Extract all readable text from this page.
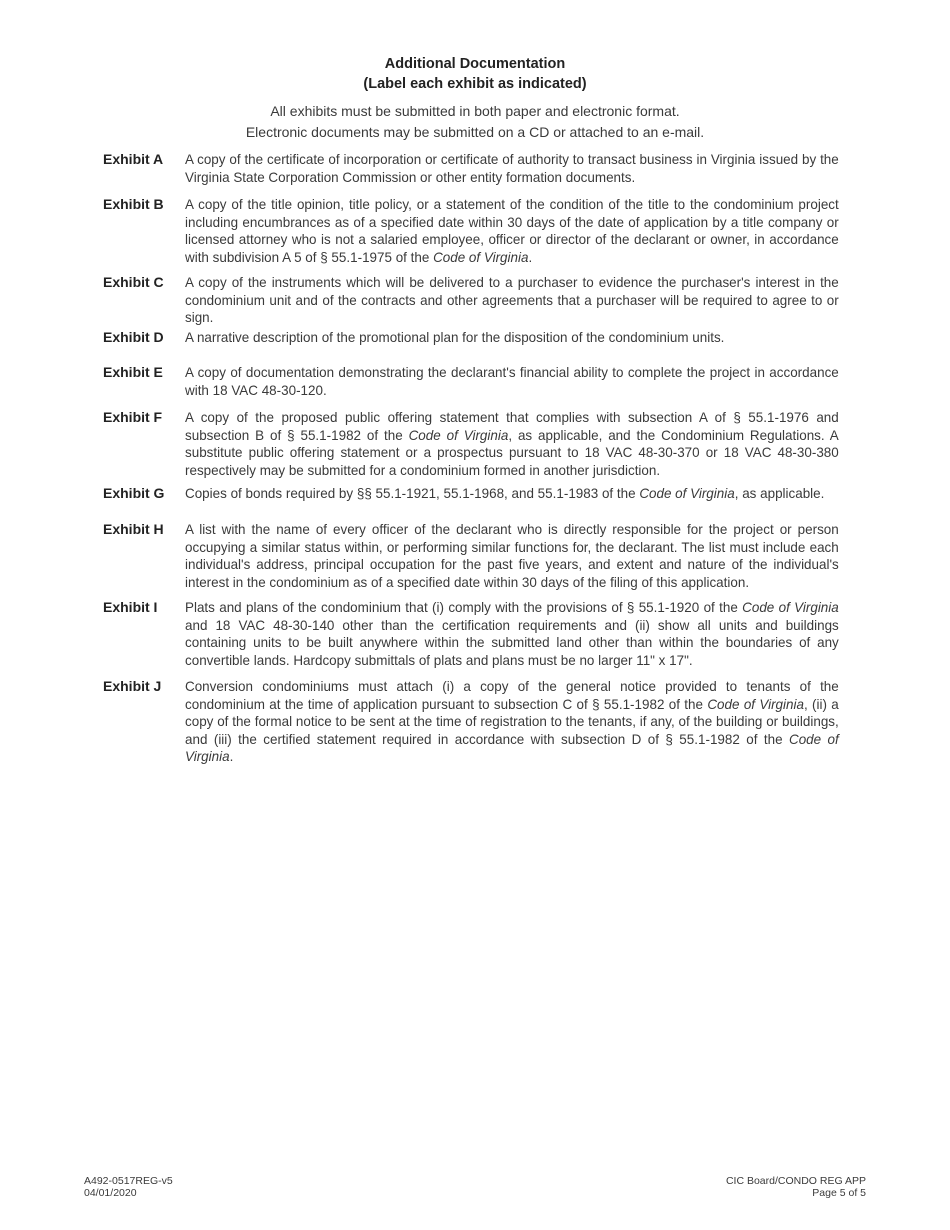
Additional Documentation
(Label each exhibit as indicated)
All exhibits must be submitted in both paper and electronic format.
Electronic documents may be submitted on a CD or attached to an e-mail.
Exhibit A	A copy of the certificate of incorporation or certificate of authority to transact business in Virginia issued by the Virginia State Corporation Commission or other entity formation documents.
Exhibit B	A copy of the title opinion, title policy, or a statement of the condition of the title to the condominium project including encumbrances as of a specified date within 30 days of the date of application by a title company or licensed attorney who is not a salaried employee, officer or director of the declarant or owner, in accordance with subdivision A 5 of § 55.1-1975 of the Code of Virginia.
Exhibit C	A copy of the instruments which will be delivered to a purchaser to evidence the purchaser's interest in the condominium unit and of the contracts and other agreements that a purchaser will be required to agree to or sign.
Exhibit D	A narrative description of the promotional plan for the disposition of the condominium units.
Exhibit E	A copy of documentation demonstrating the declarant's financial ability to complete the project in accordance with 18 VAC 48-30-120.
Exhibit F	A copy of the proposed public offering statement that complies with subsection A of § 55.1-1976 and subsection B of § 55.1-1982 of the Code of Virginia, as applicable, and the Condominium Regulations. A substitute public offering statement or a prospectus pursuant to 18 VAC 48-30-370 or 18 VAC 48-30-380 respectively may be submitted for a condominium formed in another jurisdiction.
Exhibit G	Copies of bonds required by §§ 55.1-1921, 55.1-1968, and 55.1-1983 of the Code of Virginia, as applicable.
Exhibit H	A list with the name of every officer of the declarant who is directly responsible for the project or person occupying a similar status within, or performing similar functions for, the declarant. The list must include each individual's address, principal occupation for the past five years, and extent and nature of the individual's interest in the condominium as of a specified date within 30 days of the filing of this application.
Exhibit I	Plats and plans of the condominium that (i) comply with the provisions of § 55.1-1920 of the Code of Virginia and 18 VAC 48-30-140 other than the certification requirements and (ii) show all units and buildings containing units to be built anywhere within the submitted land other than within the boundaries of any convertible lands. Hardcopy submittals of plats and plans must be no larger 11" x 17".
Exhibit J	Conversion condominiums must attach (i) a copy of the general notice provided to tenants of the condominium at the time of application pursuant to subsection C of § 55.1-1982 of the Code of Virginia, (ii) a copy of the formal notice to be sent at the time of registration to the tenants, if any, of the building or buildings, and (iii) the certified statement required in accordance with subsection D of § 55.1-1982 of the Code of Virginia.
A492-0517REG-v5
04/01/2020
CIC Board/CONDO REG APP
Page 5 of 5
